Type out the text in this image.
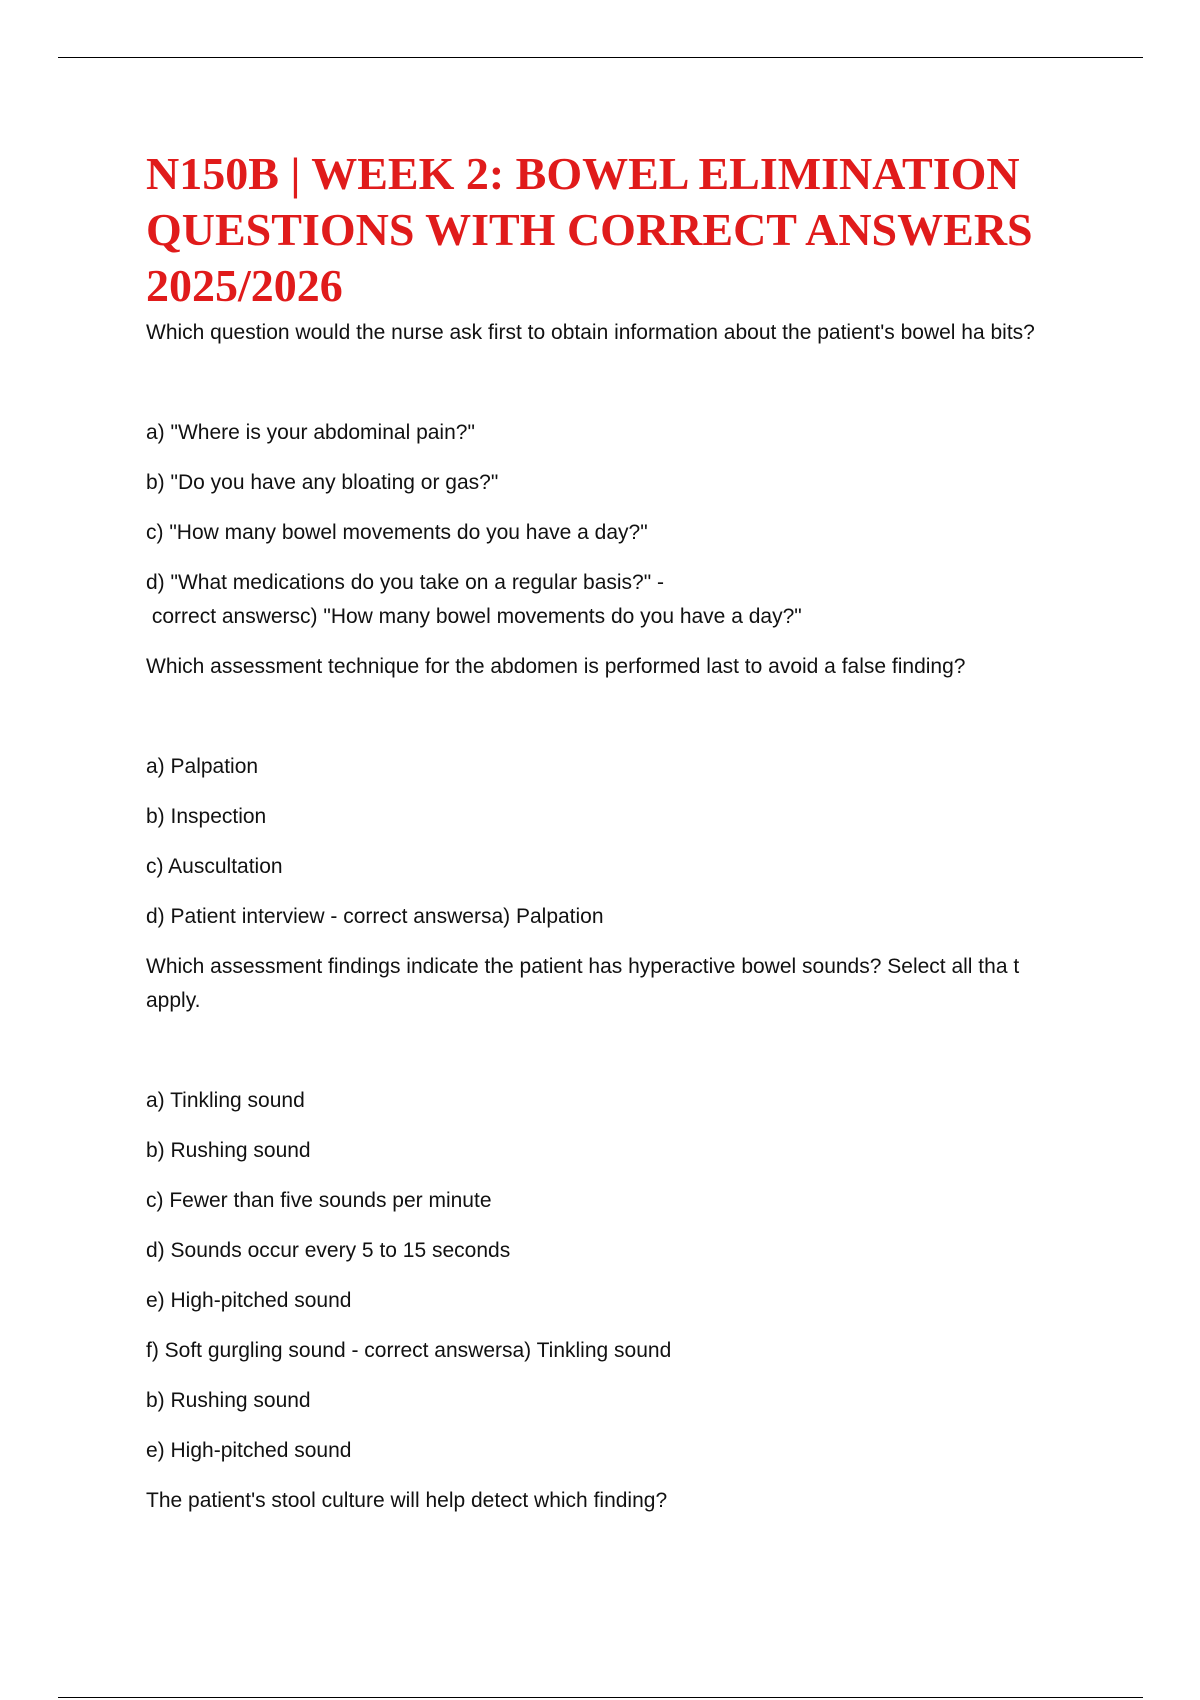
N150B | WEEK 2: BOWEL ELIMINATION QUESTIONS WITH CORRECT ANSWERS 2025/2026

Which question would the nurse ask first to obtain information about the patient's bowel ha bits?

a) "Where is your abdominal pain?"

b) "Do you have any bloating or gas?"

c) "How many bowel movements do you have a day?"

d) "What medications do you take on a regular basis?" -

correct answersc) "How many bowel movements do you have a day?"

Which assessment technique for the abdomen is performed last to avoid a false finding?

a) Palpation

b) Inspection

c) Auscultation

d) Patient interview - correct answersa) Palpation

Which assessment findings indicate the patient has hyperactive bowel sounds? Select all tha t apply.

a) Tinkling sound

b) Rushing sound

c) Fewer than five sounds per minute

d) Sounds occur every 5 to 15 seconds

e) High-pitched sound

f) Soft gurgling sound - correct answersa) Tinkling sound

b) Rushing sound

e) High-pitched sound

The patient's stool culture will help detect which finding?
